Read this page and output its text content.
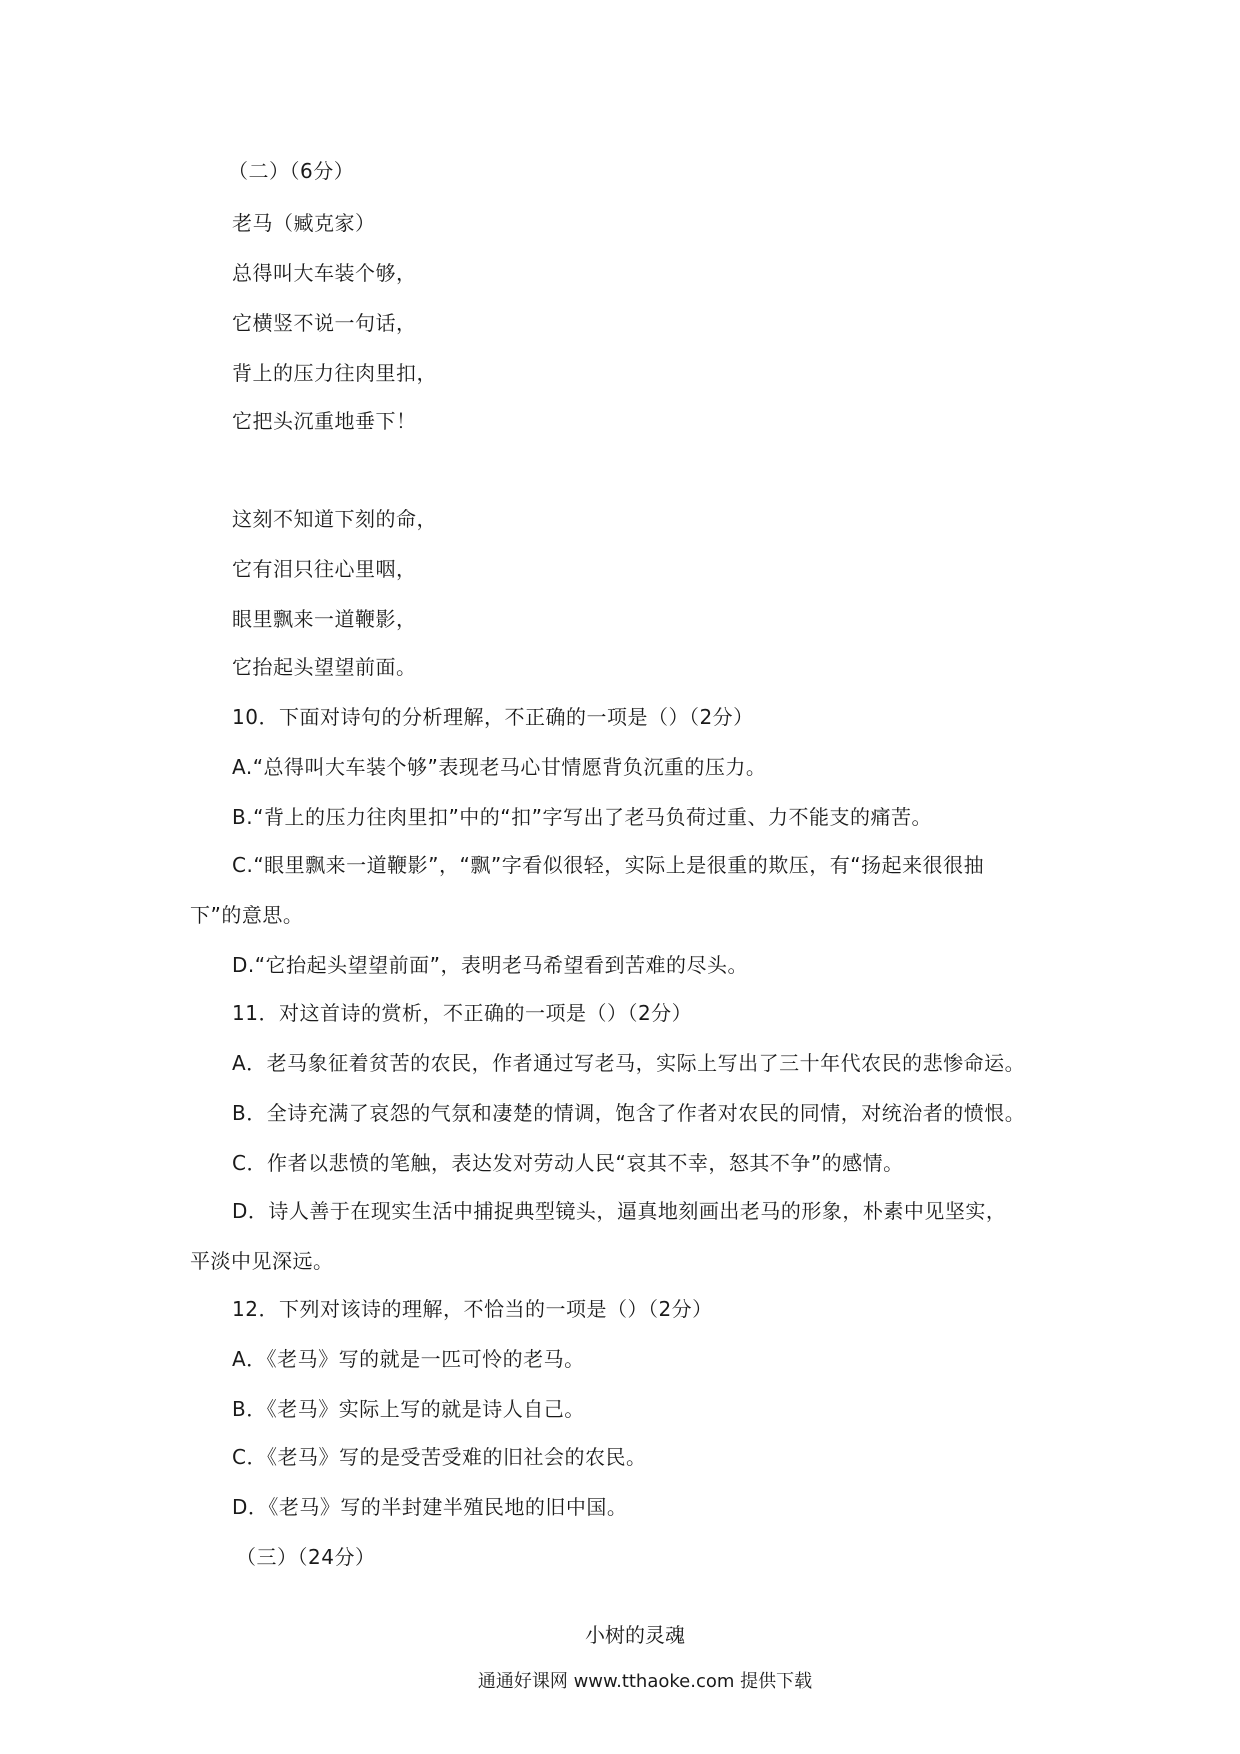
（二）（6分）
老马（臧克家）
总得叫大车装个够，
它横竖不说一句话，
背上的压力往肉里扣，
它把头沉重地垂下！
这刻不知道下刻的命，
它有泪只往心里咽，
眼里飘来一道鞭影，
它抬起头望望前面。
10．下面对诗句的分析理解，不正确的一项是（）（2分）
A.“总得叫大车装个够”表现老马心甘情愿背负沉重的压力。
B.“背上的压力往肉里扣”中的“扣”字写出了老马负荷过重、力不能支的痛苦。
C.“眼里飘来一道鞭影”，“飘”字看似很轻，实际上是很重的欺压，有“扬起来很很抽
下”的意思。
D.“它抬起头望望前面”，表明老马希望看到苦难的尽头。
11．对这首诗的赏析，不正确的一项是（）（2分）
A．老马象征着贫苦的农民，作者通过写老马，实际上写出了三十年代农民的悲惨命运。
B．全诗充满了哀怨的气氛和凄楚的情调，饱含了作者对农民的同情，对统治者的愤恨。
C．作者以悲愤的笔触，表达发对劳动人民“哀其不幸，怒其不争”的感情。
D．诗人善于在现实生活中捕捉典型镜头，逼真地刻画出老马的形象，朴素中见坚实，
平淡中见深远。
12．下列对该诗的理解，不恰当的一项是（）（2分）
A．《老马》写的就是一匹可怜的老马。
B．《老马》实际上写的就是诗人自己。
C．《老马》写的是受苦受难的旧社会的农民。
D．《老马》写的半封建半殖民地的旧中国。
（三）（24分）
小树的灵魂
通通好课网 www.tthaoke.com 提供下载
